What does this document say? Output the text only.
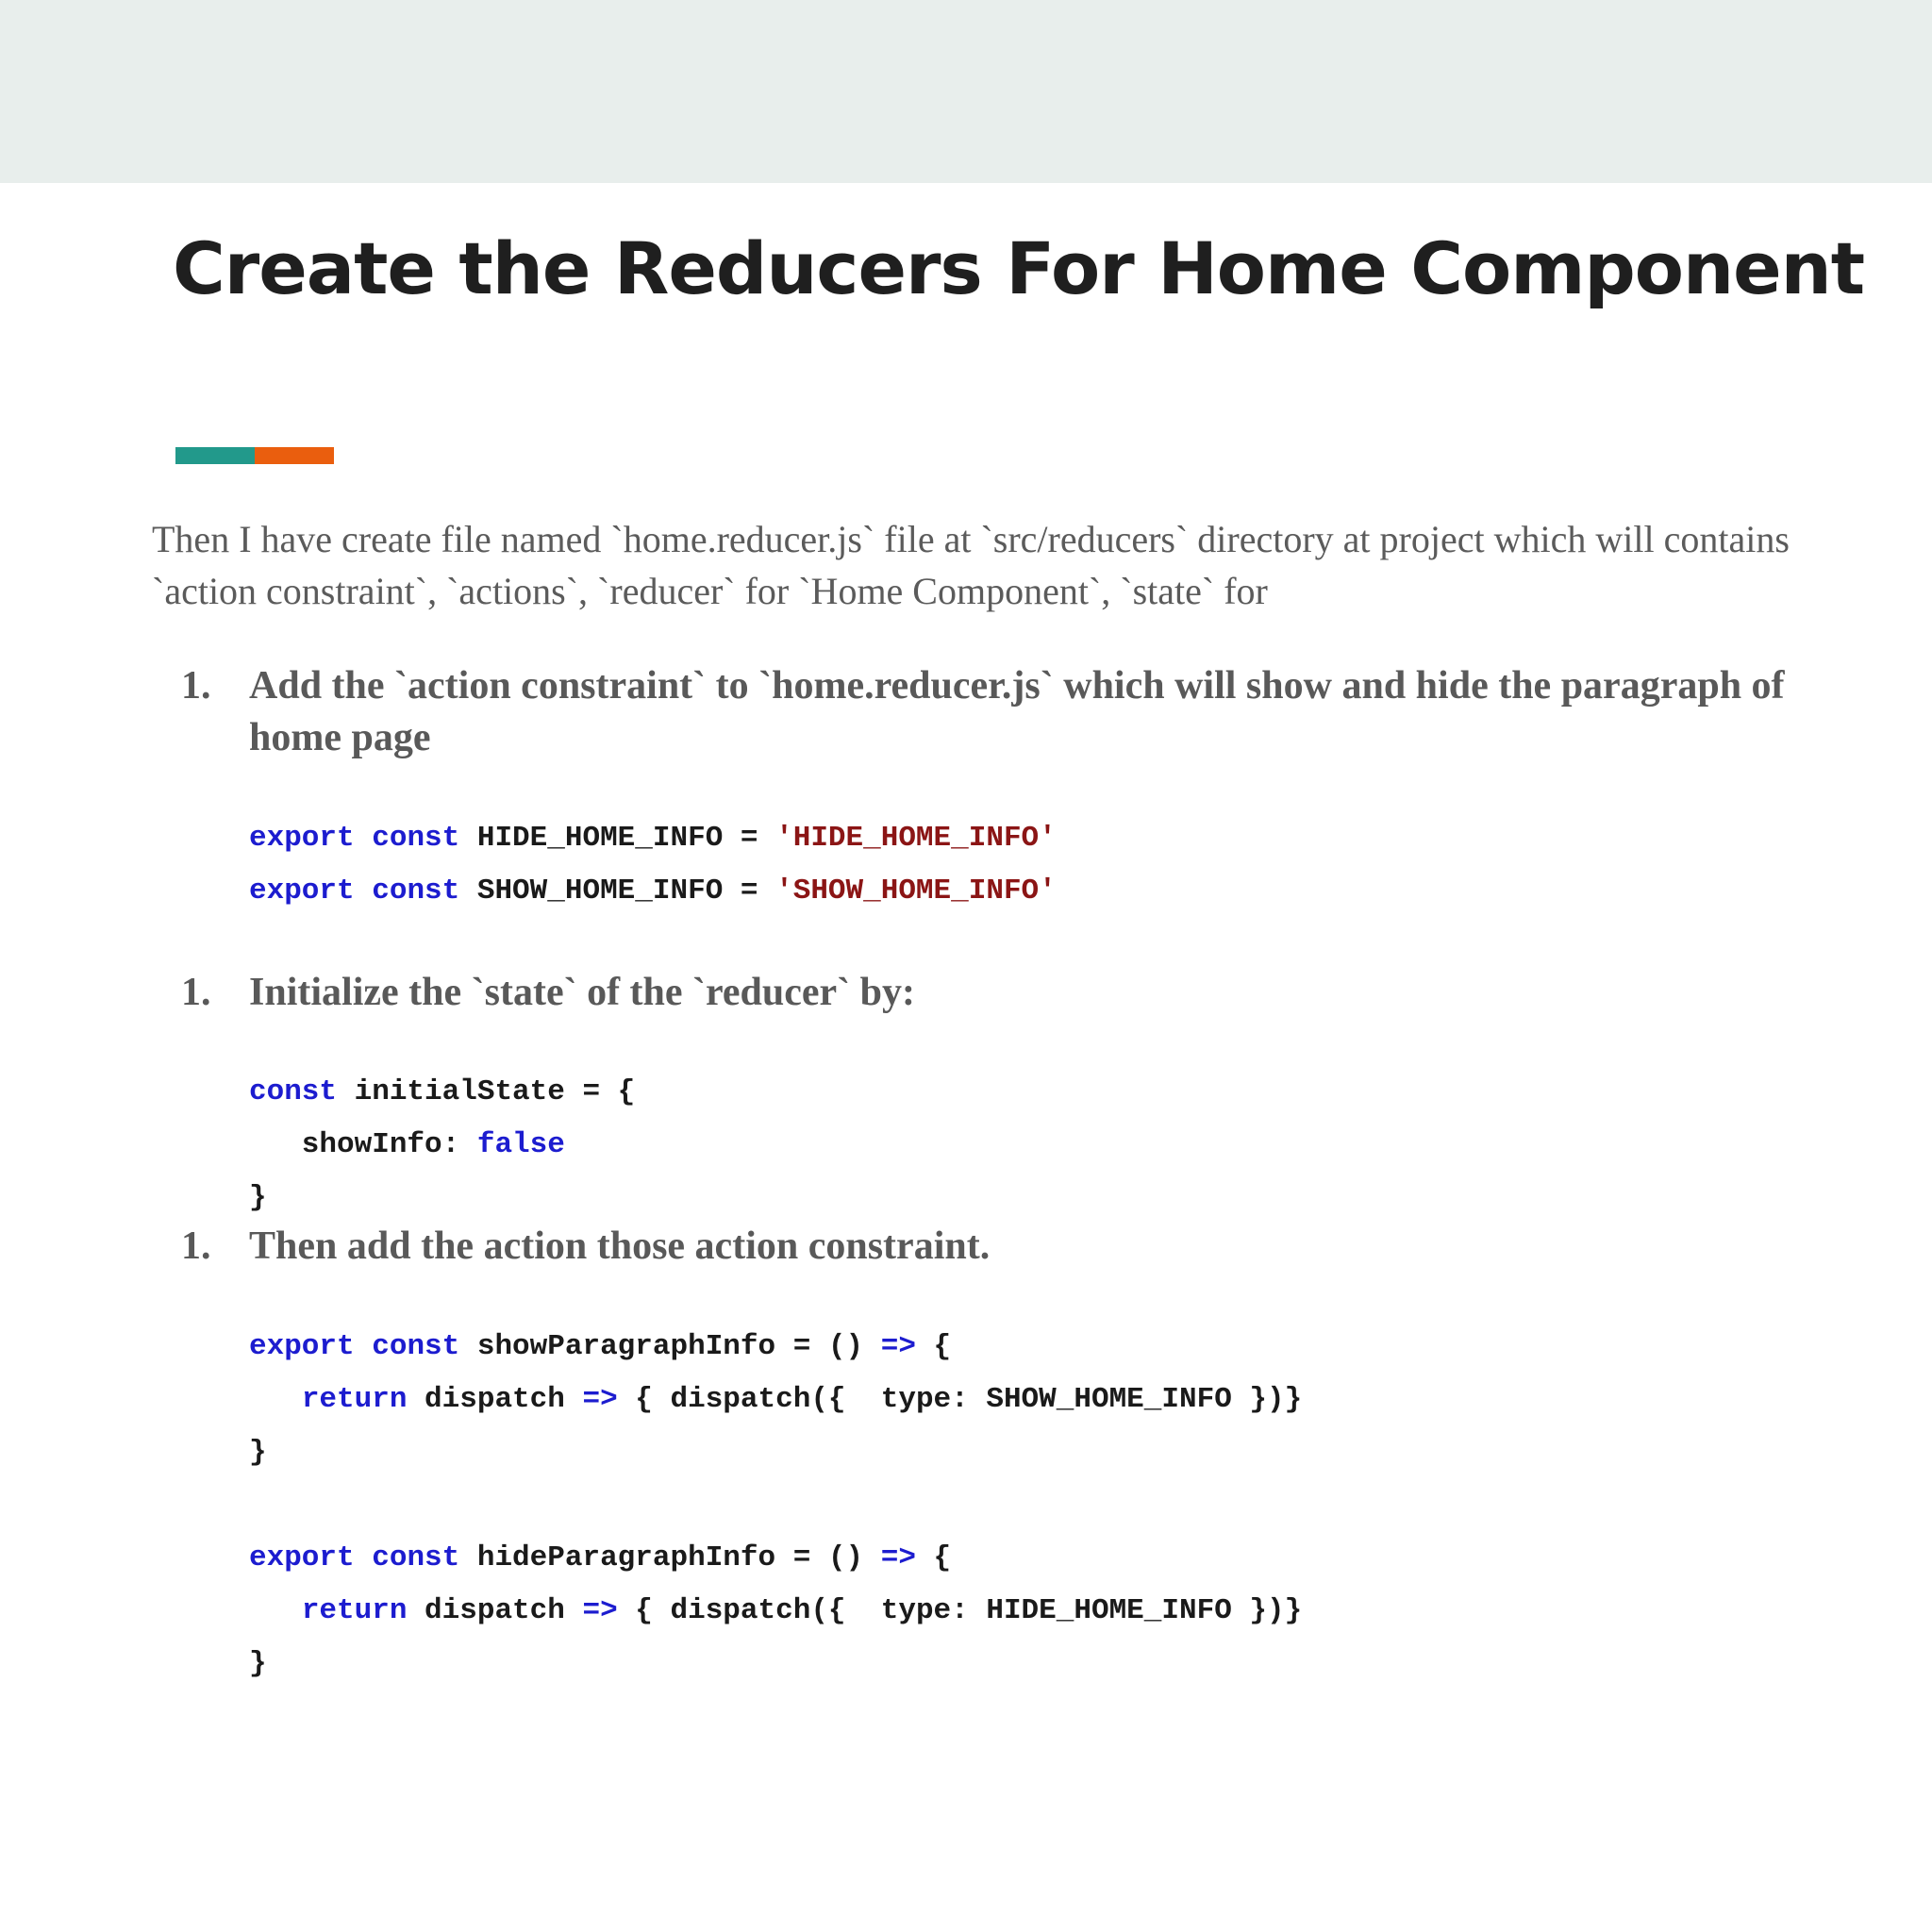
Create the Reducers For Home Component

Then I have create file named `home.reducer.js` file at `src/reducers` directory at project which will contains `action constraint`, `actions`, `reducer` for `Home Component`, `state` for

1. Add the `action constraint` to `home.reducer.js` which will show and hide the paragraph of home page
export const HIDE_HOME_INFO = 'HIDE_HOME_INFO'
export const SHOW_HOME_INFO = 'SHOW_HOME_INFO'
1. Initialize the `state` of the `reducer` by:
const initialState = {
showInfo: false
}
1. Then add the action those action constraint.
export const showParagraphInfo = () => {
return dispatch => { dispatch({  type: SHOW_HOME_INFO })}
}
export const hideParagraphInfo = () => {
return dispatch => { dispatch({  type: HIDE_HOME_INFO })}
}
